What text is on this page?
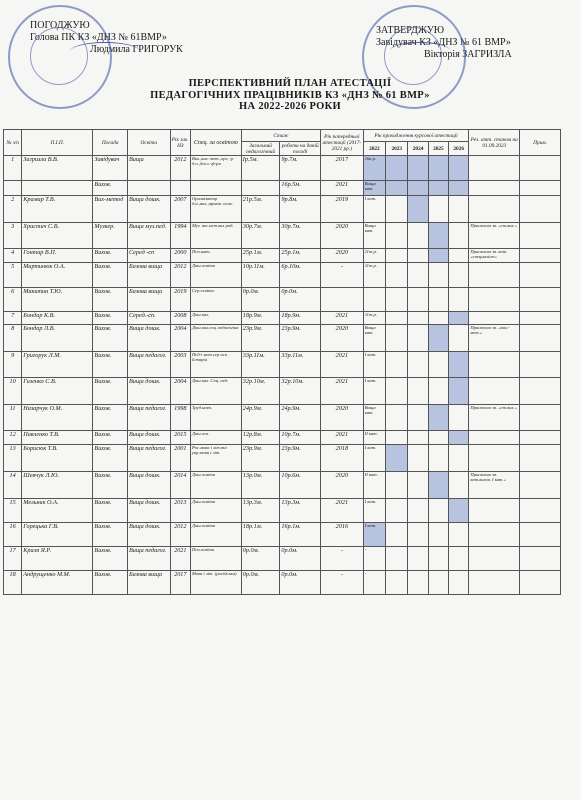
ПОГОДЖУЮ
Голова ПК КЗ «ДНЗ № 61ВМР»
Людмила ГРИГОРУК
ЗАТВЕРДЖУЮ
Завідувач КЗ «ДНЗ № 61 ВМР»
Вікторія ЗАГРИЗЛА
ПЕРСПЕКТИВНИЙ ПЛАН АТЕСТАЦІЇ
ПЕДАГОГІЧНИХ ПРАЦІВНИКІВ КЗ «ДНЗ № 61 ВМР»
НА 2022-2026 РОКИ
№ з/п	П.І.П.	Посада	Освіта	Рік зак. НЗ	Спец. за освітою	Стаж		Рік попередньої атестації (2017-2021 рр.)	Рік проходження курсової атестації					Рез. атт. станом на 01.09.2023	Прим.
						Загальний педагогічний	роботи на даній посаді		2022	2023	2024	2025	2026		
1	Загризла В.В.	Завідувач	Вища	2012	Вих.,вих.-мет.,орг.,-р д.о.,досл.-ф-ри	Ір.5м.	9р.7м.	2017	16к.р.						
		Вихов.					16р.5м.	2021	Вища кат.						
2	Крамар Т.В.	Вих-метод	Вища дошк.	2007	Організатор д.н.,вих.,практ. псих.	21р.5м.	9р.8м.	2019	I кат.						
3	Христич С.В.	Музкер.	Вища муз.пед.	1994	Муз. та мет.вих роб.	30р.7м.	30р.7м.	2020	Вища кат.					Присвоєно зв. «ст.вих.»	
4	Гонтар В.П.	Вихов.	Серед -сп	2000	Поч.навч.	25р.1м.	25р.1м.	2020	11т.р.					Присвоєно зв. кат. «специаліст»	
5	Мартинюк О.А.	Вихов.	Базова вища	2012	Дош.освіта	10р.11м.	6р.10м.	-	11т.р.						
6	Микитин Т.Ю.	Вихов.	Базова вища	2019	Сер.освіта	0р.0м.	0р.0м.								
7	Бондар К.В.	Вихов.	Серед.-сп.	2008	Дош.вих.	18р.9м.	18р.9м.	2021	11т.р.						
8	Бондар Л.В.	Вихов.	Вища дошк.	2004	Дош.вих.соц. педагогіка	23р.9м.	23р.9м.	2020	Вища кат.					Присвоєно зв. «вих.-мет.»	
9	Григорук Л.М.	Вихов.	Вища педагог.	2003	Пед-і мет.сер.осв. Історія	33р.11м.	33р.11м.	2021	I кат.						
10	Гизенко С.В.	Вихов.	Вища дошк.	2004	Дош.вих. Соц. пед.	32р.10м.	32р.10м.	2021	I кат.						
11	Назарчук О.М.	Вихов.	Вища педагог.	1998	Труд.навч.	24р.9м.	24р.9м.	2020	Вища кат.					Присвоєно зв. «ст.вих.»	
12	Павленко Т.В.	Вихов.	Вища дошк.	2015	Дош.осв.	12р.8м.	10р.7м.	2021	II кат.						
13	Борисюк Т.В.	Вихов.	Вища педагог.	2001	Рос.мова і літ.та укр.мова і літ.	23р.9м.	23р.9м.	2018	I кат.						
14	Шевчук Л.Ю.	Вихов.	Вища дошк.	2014	Дош.освіта	13р.0м.	10р.6м.	2020	II кат.					Присвоєно зв. кат.вихов. I кат.»	
15	Мельник О.А.	Вихов.	Вища дошк.	2013	Дош.освіта	13р.3м.	13р.3м.	2021	I кат.						
16	Горецька Г.В.	Вихов.	Вища дошк.	2012	Дош.освіта	18р.1м.	16р.1м.	2016	I кат.						
17	Краля Я.Р.	Вихов.	Вища педагог.	2021	Поч.освіта	0р.0м.	0р.0м.	-	-						
18	Андрущенко М.М.	Вихов.	Базова вища	2017	Мова і літ. (російська)	0р.0м.	0р.0м.	-	-						
